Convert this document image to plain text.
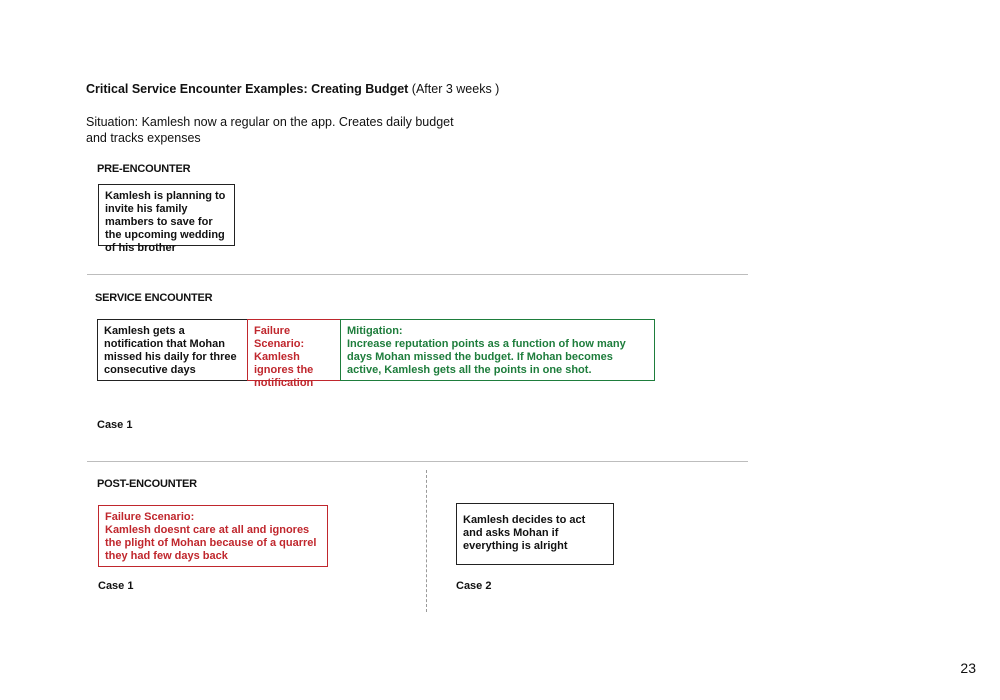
Critical Service Encounter Examples: Creating Budget (After 3 weeks )
Situation: Kamlesh now a regular on the app. Creates daily budget and tracks expenses
PRE-ENCOUNTER
Kamlesh is planning to invite his family mambers to save for the upcoming wedding of his brother
SERVICE ENCOUNTER
Kamlesh gets a notification that Mohan missed his daily for three consecutive days
Failure Scenario:
Kamlesh ignores the notification
Mitigation:
Increase reputation points as a function of how many days Mohan missed the budget. If Mohan becomes active, Kamlesh gets all the points in one shot.
Case 1
POST-ENCOUNTER
Failure Scenario:
Kamlesh doesnt care at all and ignores the plight of Mohan because of a quarrel they had few days back
Case 1
Kamlesh decides to act and asks Mohan if everything is alright
Case 2
23
